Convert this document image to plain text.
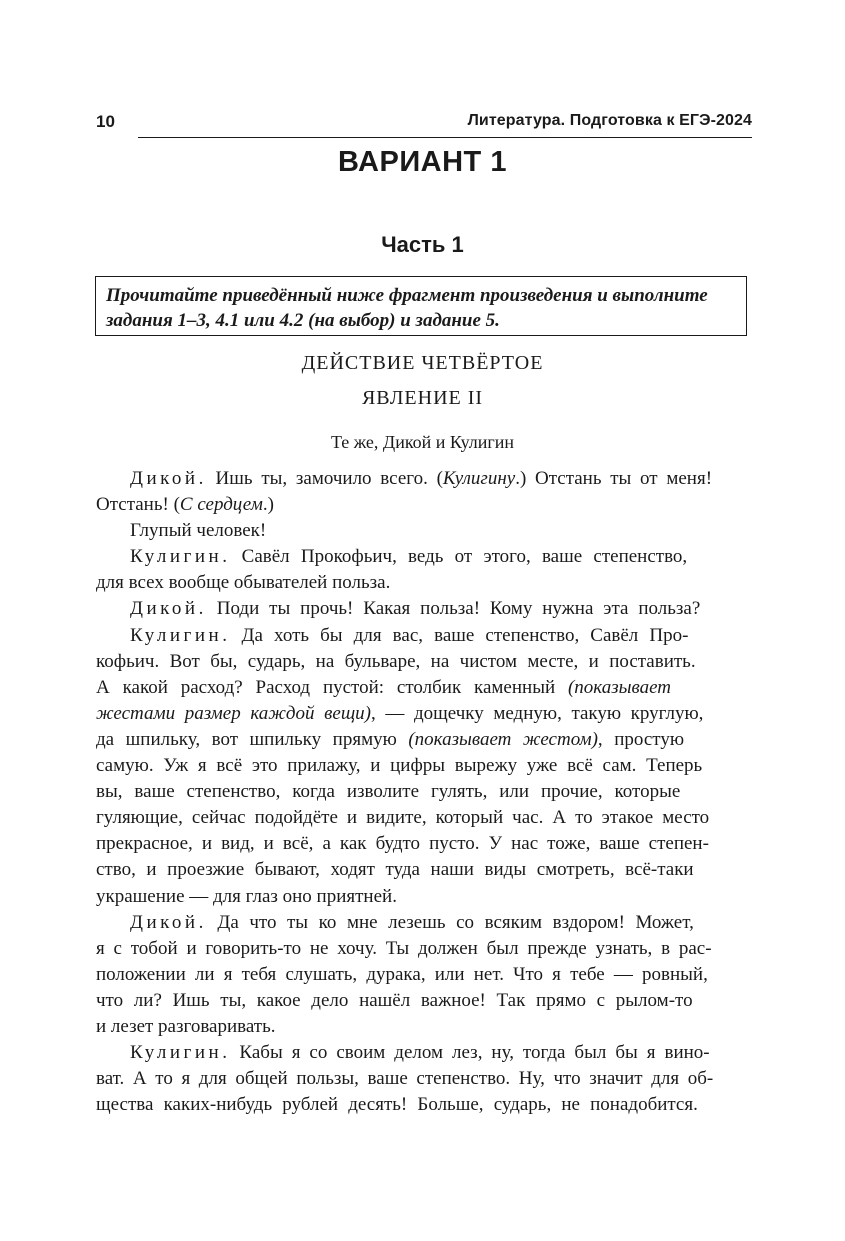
10	Литература. Подготовка к ЕГЭ-2024
ВАРИАНТ 1
Часть 1
Прочитайте приведённый ниже фрагмент произведения и выполните
задания 1–3, 4.1 или 4.2 (на выбор) и задание 5.
ДЕЙСТВИЕ ЧЕТВЁРТОЕ
ЯВЛЕНИЕ II
Те же, Дикой и Кулигин
Дикой. Ишь ты, замочило всего. (Кулигину.) Отстань ты от меня!
Отстань! (С сердцем.)
Глупый человек!
Кулигин. Савёл Прокофьич, ведь от этого, ваше степенство,
для всех вообще обывателей польза.
Дикой. Поди ты прочь! Какая польза! Кому нужна эта польза?
Кулигин. Да хоть бы для вас, ваше степенство, Савёл Про-
кофьич. Вот бы, сударь, на бульваре, на чистом месте, и поставить.
А какой расход? Расход пустой: столбик каменный (показывает
жестами размер каждой вещи), — дощечку медную, такую круглую,
да шпильку, вот шпильку прямую (показывает жестом), простую
самую. Уж я всё это прилажу, и цифры вырежу уже всё сам. Теперь
вы, ваше степенство, когда изволите гулять, или прочие, которые
гуляющие, сейчас подойдёте и видите, который час. А то этакое место
прекрасное, и вид, и всё, а как будто пусто. У нас тоже, ваше степен-
ство, и проезжие бывают, ходят туда наши виды смотреть, всё-таки
украшение — для глаз оно приятней.
Дикой. Да что ты ко мне лезешь со всяким вздором! Может,
я с тобой и говорить-то не хочу. Ты должен был прежде узнать, в рас-
положении ли я тебя слушать, дурака, или нет. Что я тебе — ровный,
что ли? Ишь ты, какое дело нашёл важное! Так прямо с рылом-то
и лезет разговаривать.
Кулигин. Кабы я со своим делом лез, ну, тогда был бы я вино-
ват. А то я для общей пользы, ваше степенство. Ну, что значит для об-
щества каких-нибудь рублей десять! Больше, сударь, не понадобится.
